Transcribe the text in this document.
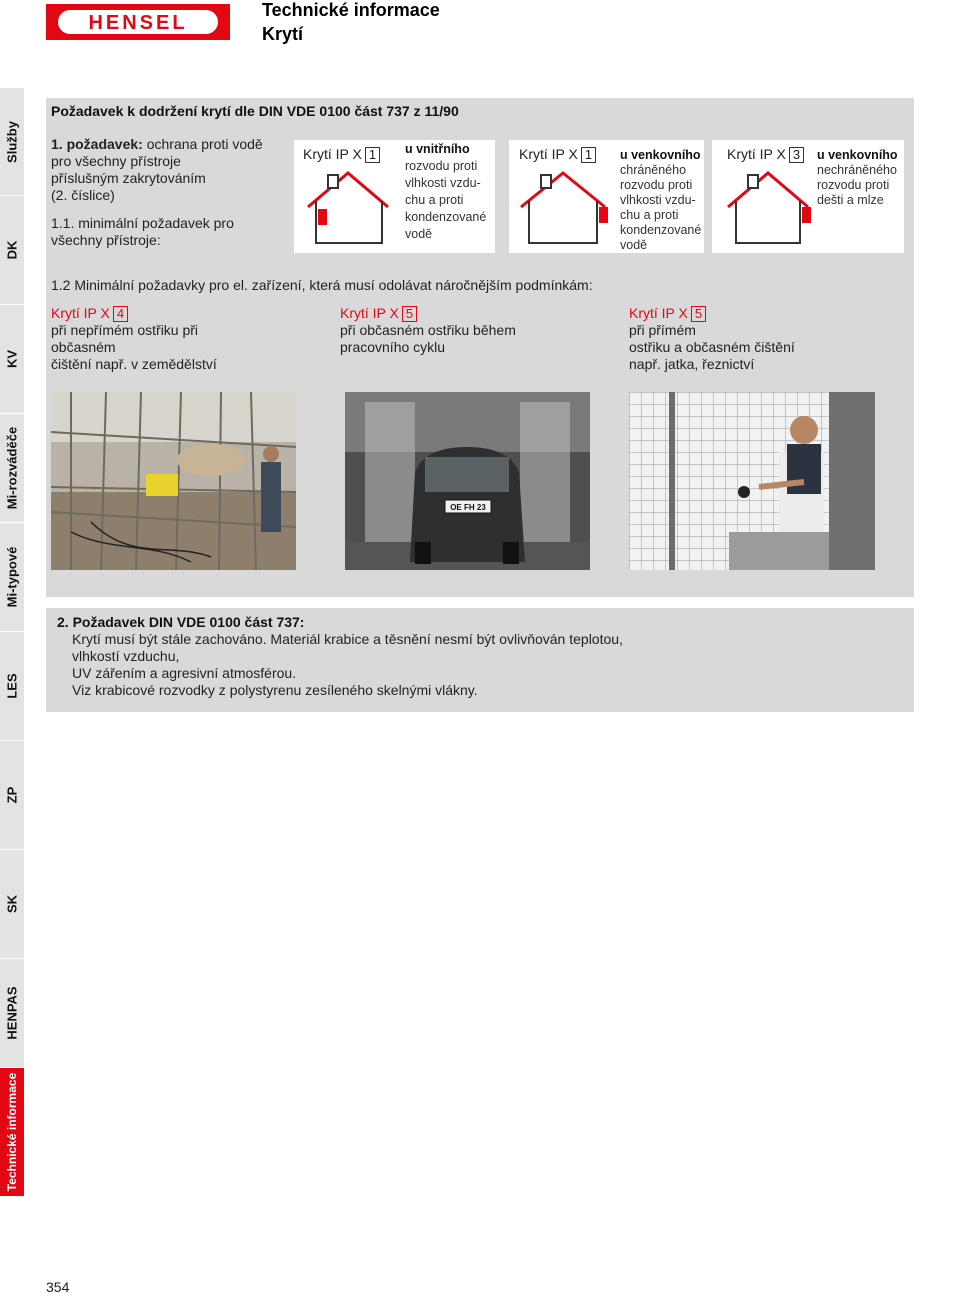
HENSEL
Technické informace
Krytí
Služby
DK
KV
Mi-rozváděče
Mi-typové
LES
ZP
SK
HENPAS
Technické informace
Požadavek k dodržení krytí dle DIN VDE 0100 část 737 z 11/90
1. požadavek: ochrana proti vodě
pro všechny přístroje
příslušným zakrytováním
(2. číslice)
1.1. minimální požadavek pro
všechny přístroje:
Krytí IP X 1	u vnitřního
rozvodu proti
vlhkosti vzdu-
chu a proti
kondenzované
vodě
Krytí IP X 1	u venkovního
chráněného
rozvodu proti
vlhkosti vzdu-
chu a proti
kondenzované
vodě
Krytí IP X 3	u venkovního
nechráněného
rozvodu proti
dešti a mlze
1.2 Minimální požadavky pro el. zařízení, která musí odolávat náročnějším podmínkám:
Krytí IP X 4
při nepřímém ostřiku při
občasném
čištění např. v zemědělství
Krytí IP X 5
při občasném ostřiku během
pracovního cyklu
Krytí IP X 5
při přímém
ostřiku a občasném čištění
např. jatka, řeznictví
OE FH 23
2. Požadavek DIN VDE 0100 část 737:
Krytí musí být stále zachováno. Materiál krabice a těsnění nesmí být ovlivňován teplotou,
vlhkostí vzduchu,
UV zářením a agresivní atmosférou.
Viz krabicové rozvodky z polystyrenu zesíleného skelnými vlákny.
354
